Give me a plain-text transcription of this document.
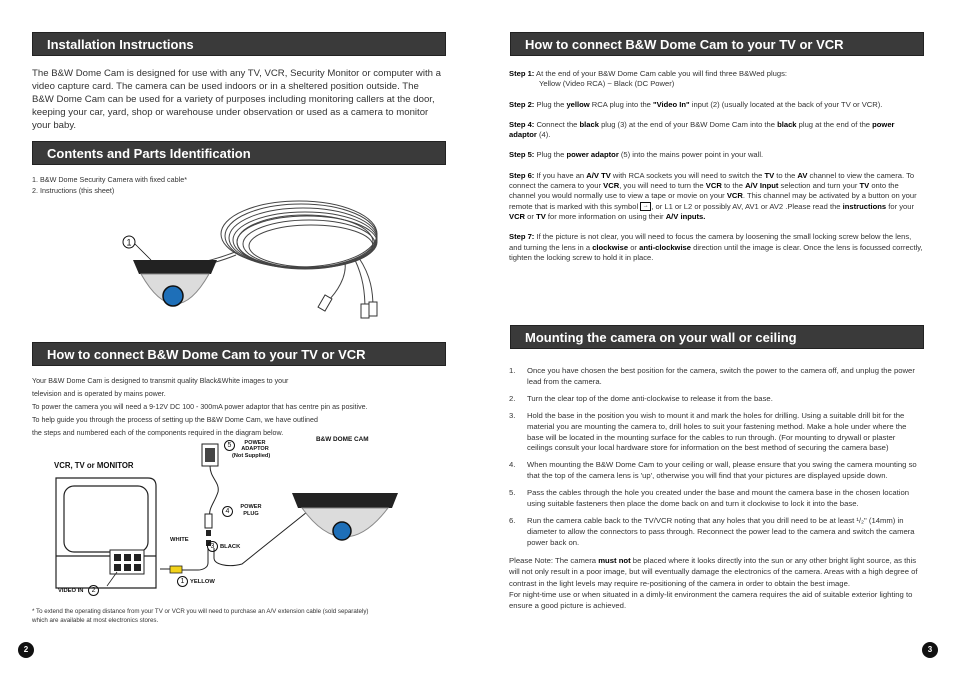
Installation Instructions
The B&W Dome Cam is designed for use with any TV, VCR, Security Monitor or computer with a video capture card. The camera can be used indoors or in a sheltered position outside. The B&W Dome Cam can be used for a variety of purposes including monitoring callers at the door, keeping your car, yard, shop or warehouse under observation or used as a camera to monitor your baby.
Contents and Parts Identification
1. B&W Dome Security Camera with fixed cable*
2. Instructions (this sheet)
1
How to connect B&W Dome Cam to your TV or VCR
Your B&W Dome Cam is designed to transmit quality Black&White images to your
television and is operated by mains power.
To power the camera you will need a 9-12V DC 100 - 300mA power adaptor that has centre pin as positive.
To help guide you through the process of setting up the B&W Dome Cam, we have outlined
the steps and numbered each of the components required in the diagram below.
VCR, TV or MONITOR
B&W DOME CAM
5	POWER ADAPTOR
(Not Supplied)
4
POWER PLUG
WHITE
3 BLACK
1 YELLOW
VIDEO IN 2
* To extend the operating distance from your TV or VCR you will need to purchase an A/V extension cable (sold separately) which are available at most electronics stores.
2
How to connect B&W Dome Cam to your TV or VCR
Step 1: At the end of your B&W Dome Cam cable you will find three B&Wed plugs:
Yellow (Video RCA) ~ Black (DC Power)
Step 2: Plug the yellow RCA plug into the "Video In" input (2) (usually located at the back of your TV or VCR).
Step 4: Connect the black plug (3) at the end of your B&W Dome Cam into the black plug at the end of the power adaptor (4).
Step 5: Plug the power adaptor (5) into the mains power point in your wall.
Step 6: If you have an A/V TV with RCA sockets you will need to switch the TV to the AV channel to view the camera. To connect the camera to your VCR, you will need to turn the VCR to the A/V Input selection and turn your TV onto the channel you would normally use to view a tape or movie on your VCR. This channel may be activated by a button on your remote that is marked with this symbol → , or L1 or L2 or possibly AV, AV1 or AV2 .Please read the instructions for your VCR or TV for more information on using their A/V inputs.
Step 7: If the picture is not clear, you will need to focus the camera by loosening the small locking screw below the lens, and turning the lens in a clockwise or anti-clockwise direction until the image is clear. Once the lens is focussed correctly, tighten the locking screw to hold it in place.
Mounting the camera on your wall or ceiling
1. Once you have chosen the best position for the camera, switch the power to the camera off, and unplug the power lead from the camera.
2. Turn the clear top of the dome anti-clockwise to release it from the base.
3. Hold the base in the position you wish to mount it and mark the holes for drilling. Using a suitable drill bit for the material you are mounting the camera to, drill holes to suit your fastening method. Make a hole under where the base will be located in the mounting surface for the cables to run through. (For mounting to drywall or plaster ceilings consult your local hardware store for information on the best method of securing the camera base)
4. When mounting the B&W Dome Cam to your ceiling or wall, please ensure that you swing the camera mounting so that the top of the camera lens is 'up', otherwise you will find that your pictures are displayed upside down.
5. Pass the cables through the hole you created under the base and mount the camera base in the chosen location using suitable fasteners then place the dome back on and turn it clockwise to lock it into the base.
6. Run the camera cable back to the TV/VCR noting that any holes that you drill need to be at least ¹/₂" (14mm) in diameter to allow the connectors to pass through. Reconnect the power lead to the camera and switch the camera power back on.

Please Note: The camera must not be placed where it looks directly into the sun or any other bright light source, as this will not only result in a poor image, but will eventually damage the electronics of the camera. Areas with a high degree of contrast in the light levels may require re-positioning of the camera in order to obtain the best image.

For night-time use or when situated in a dimly-lit environment the camera requires the aid of suitable exterior lighting to ensure a good picture is achieved.

3
